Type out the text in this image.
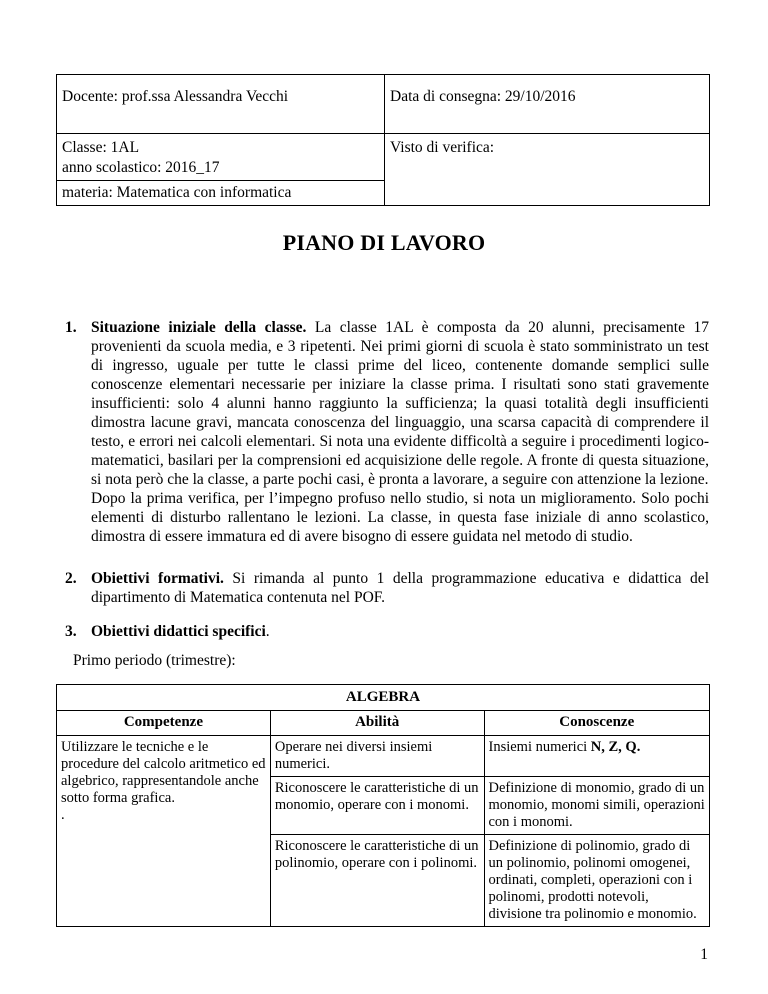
Docente: prof.ssa Alessandra Vecchi	Data di consegna: 29/10/2016

Classe: 1AL
anno scolastico: 2016_17	Visto di verifica:

materia: Matematica con informatica	
PIANO DI LAVORO
1. Situazione iniziale della classe. La classe 1AL è composta da 20 alunni, precisamente 17 provenienti da scuola media, e 3 ripetenti. Nei primi giorni di scuola è stato somministrato un test di ingresso, uguale per tutte le classi prime del liceo, contenente domande semplici sulle conoscenze elementari necessarie per iniziare la classe prima. I risultati sono stati gravemente insufficienti: solo 4 alunni hanno raggiunto la sufficienza; la quasi totalità degli insufficienti dimostra lacune gravi, mancata conoscenza del linguaggio, una scarsa capacità di comprendere il testo, e errori nei calcoli elementari. Si nota una evidente difficoltà a seguire i procedimenti logico-matematici, basilari per la comprensioni ed acquisizione delle regole. A fronte di questa situazione, si nota però che la classe, a parte pochi casi, è pronta a lavorare, a seguire con attenzione la lezione.

Dopo la prima verifica, per l’impegno profuso nello studio, si nota un miglioramento. Solo pochi elementi di disturbo rallentano le lezioni. La classe, in questa fase iniziale di anno scolastico, dimostra di essere immatura ed di avere bisogno di essere guidata nel metodo di studio.

2. Obiettivi formativi. Si rimanda al punto 1 della programmazione educativa e didattica del dipartimento di Matematica contenuta nel POF.

3. Obiettivi didattici specifici.

Primo periodo (trimestre):
ALGEBRA		
Competenze	Abilità	Conoscenze

Utilizzare le tecniche e le procedure del calcolo aritmetico ed algebrico, rappresentandole anche sotto forma grafica.
.	Operare nei diversi insiemi numerici.	Insiemi numerici N, Z, Q.
	Riconoscere le caratteristiche di un monomio, operare con i monomi.	Definizione di monomio, grado di un monomio, monomi simili, operazioni con i monomi.
	Riconoscere le caratteristiche di un polinomio, operare con i polinomi.	Definizione di polinomio, grado di un polinomio, polinomi omogenei, ordinati, completi, operazioni con i polinomi, prodotti notevoli, divisione tra polinomio e monomio.
1
